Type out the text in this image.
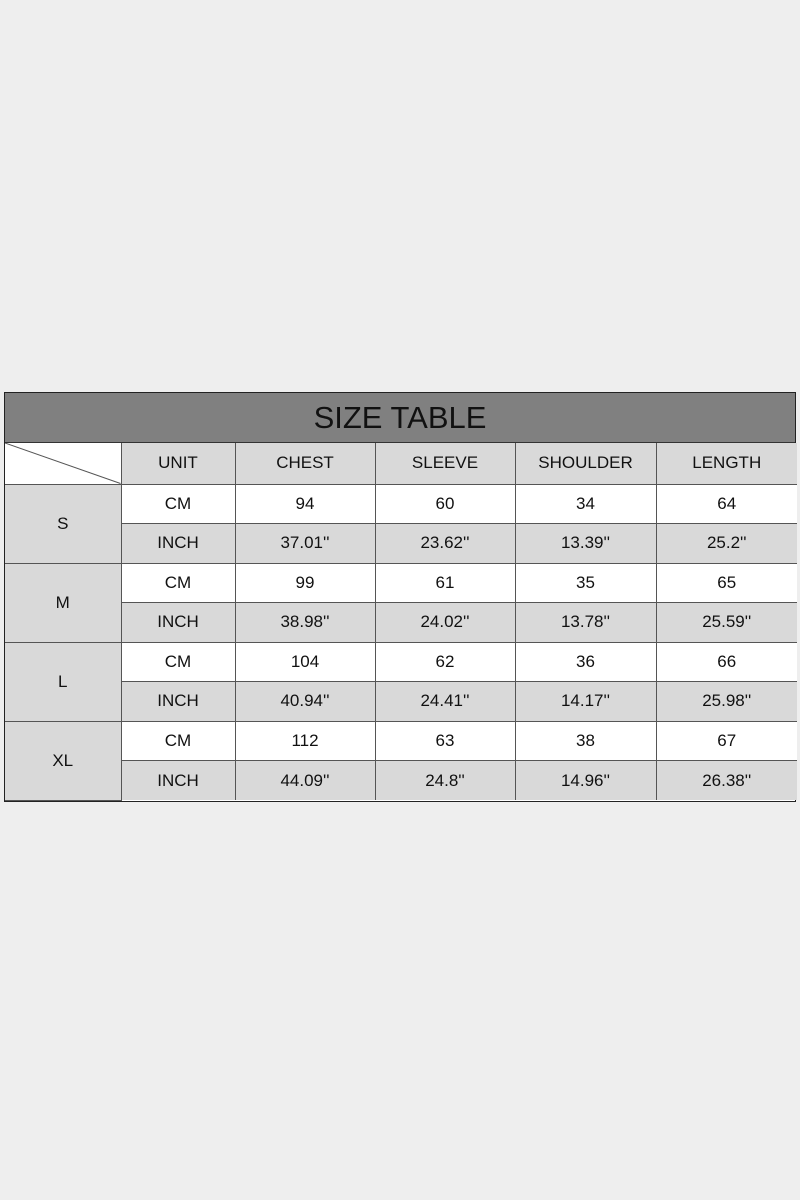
SIZE TABLE
	UNIT	CHEST	SLEEVE	SHOULDER	LENGTH
S	CM	94	60	34	64
	INCH	37.01''	23.62''	13.39''	25.2''
M	CM	99	61	35	65
	INCH	38.98''	24.02''	13.78''	25.59''
L	CM	104	62	36	66
	INCH	40.94''	24.41''	14.17''	25.98''
XL	CM	112	63	38	67
	INCH	44.09''	24.8''	14.96''	26.38''
